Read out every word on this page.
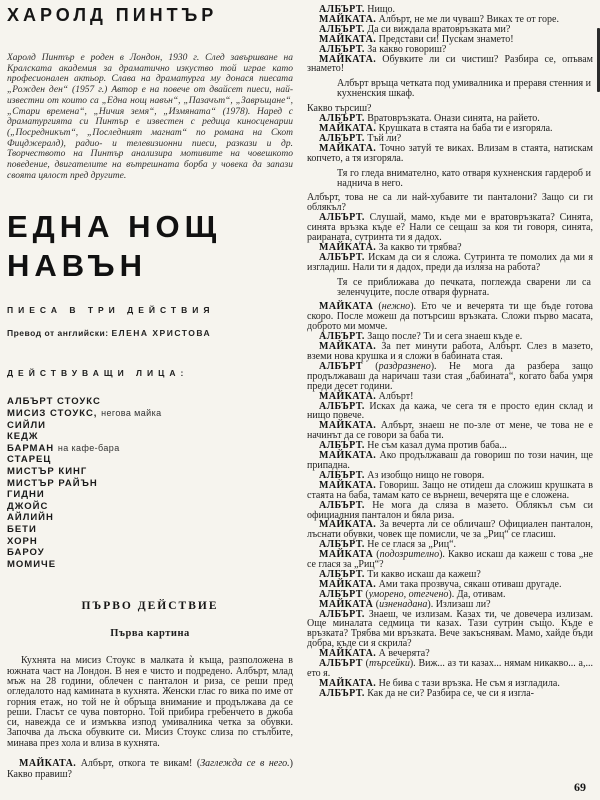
ХАРОЛД ПИНТЪР

Харолд Пинтър е роден в Лондон, 1930 г. След завършване на Кралската академия за драматично изкуство той играе като професионален актьор. Слава на драматурга му донася пиесата „Рожден ден“ (1957 г.) Автор е на повече от двайсет пиеси, най-известни от които са „Една нощ навън“, „Пазачът“, „Завръщане“, „Стари времена“, „Ничия земя“, „Измяната“ (1978). Наред с драматургията си Пинтър е известен с редица киносценарии („Посредникът“, „Последният магнат“ по романа на Скот Фицджералд), радио- и телевизионни пиеси, разкази и др. Творчеството на Пинтър анализира мотивите на човешкото поведение, двигателите на вътрешната борба у човека да запази своята цялост пред другите.

ЕДНА НОЩ
НАВЪН
ПИЕСА В ТРИ ДЕЙСТВИЯ
Превод от английски: ЕЛЕНА ХРИСТОВА
ДЕЙСТВУВАЩИ ЛИЦА:
АЛБЪРТ СТОУКС
МИСИЗ СТОУКС, негова майка
СИЙЛИ
КЕДЖ
БАРМАН на кафе-бара
СТАРЕЦ
МИСТЪР КИНГ
МИСТЪР РАЙЪН
ГИДНИ
ДЖОЙС
АЙЛИЙН
БЕТИ
ХОРН
БАРОУ
МОМИЧЕ
ПЪРВО ДЕЙСТВИЕ
Първа картина

Кухнята на мисиз Стоукс в малката ѝ къща, разположена в южната част на Лондон. В нея е чисто и подредено. Албърт, млад мъж на 28 години, облечен с панталон и риза, се реши пред огледалото над камината в кухнята. Женски глас го вика по име от горния етаж, но той не ѝ обръща внимание и продължава да се реши. Гласът се чува повторно. Той прибира гребенчето в джоба си, навежда се и измъква изпод умивалника четка за обувки. Започва да лъска обувките си. Мисиз Стоукс слиза по стълбите, минава през хола и влиза в кухнята.

МАЙКАТА. Албърт, откога те викам! (Заглежда се в него.) Какво правиш?

АЛБЪРТ. Нищо.

МАЙКАТА. Албърт, не ме ли чуваш? Виках те от горе.

АЛБЪРТ. Да си виждала вратовръзката ми?

МАЙКАТА. Представи си! Пускам знамето!

АЛБЪРТ. За какво говориш?

МАЙКАТА. Обувките ли си чистиш? Разбира се, опъвам знамето!

Албърт връща четката под умивалника и преравя стенния и кухненския шкаф.

Какво търсиш?

АЛБЪРТ. Вратовръзката. Онази синята, на райето.

МАЙКАТА. Крушката в стаята на баба ти е изгоряла.

АЛБЪРТ. Тъй ли?

МАЙКАТА. Точно затуй те виках. Влизам в стаята, натискам копчето, а тя изгоряла.

Тя го гледа внимателно, като отваря кухненския гардероб и наднича в него.

Албърт, това не са ли най-хубавите ти панталони? Защо си ги облякъл?

АЛБЪРТ. Слушай, мамо, къде ми е вратовръзката? Синята, синята връзка къде е? Нали се сещаш за коя ти говоря, синята, раираната, сутринта ти я дадох.

МАЙКАТА. За какво ти трябва?

АЛБЪРТ. Искам да си я сложа. Сутринта те помолих да ми я изгладиш. Нали ти я дадох, преди да изляза на работа?

Тя се приближава до печката, поглежда сварени ли са зеленчуците, после отваря фурната.

МАЙКАТА (нежно). Ето че и вечерята ти ще бъде готова скоро. После можеш да потърсиш връзката. Сложи първо масата, доброто ми момче.

АЛБЪРТ. Защо после? Ти и сега знаеш къде е.

МАЙКАТА. За пет минути работа, Албърт. Слез в мазето, вземи нова крушка и я сложи в бабината стая.

АЛБЪРТ (раздразнено). Не мога да разбера защо продължаваш да наричаш тази стая „бабината“, когато баба умря преди десет години.

МАЙКАТА. Албърт!

АЛБЪРТ. Исках да кажа, че сега тя е просто един склад и нищо повече.

МАЙКАТА. Албърт, знаеш не по-зле от мене, че това не е начинът да се говори за баба ти.

АЛБЪРТ. Не съм казал дума против баба...

МАЙКАТА. Ако продължаваш да говориш по този начин, ще припадна.

АЛБЪРТ. Аз изобщо нищо не говоря.

МАЙКАТА. Говориш. Защо не отидеш да сложиш крушката в стаята на баба, тамам като се върнеш, вечерята ще е сложена.

АЛБЪРТ. Не мога да сляза в мазето. Облякъл съм си официалния панталон и бяла риза.

МАЙКАТА. За вечерта ли се обличаш? Официален панталон, лъснати обувки, човек ще помисли, че за „Риц“ се гласиш.

АЛБЪРТ. Не се глася за „Риц“.

МАЙКАТА (подозрително). Какво искаш да кажеш с това „не се глася за „Риц“?

АЛБЪРТ. Ти какво искаш да кажеш?

МАЙКАТА. Ами така прозвуча, сякаш отиваш другаде.

АЛБЪРТ (уморено, отегчено). Да, отивам.

МАЙКАТА (изненадана). Излизаш ли?

АЛБЪРТ. Знаеш, че излизам. Казах ти, че довечера излизам. Още миналата седмица ти казах. Тази сутрин също. Къде е връзката? Трябва ми връзката. Вече закъснявам. Мамо, хайде бъди добра, къде си я скрила?

МАЙКАТА. А вечерята?

АЛБЪРТ (търсейки). Виж... аз ти казах... нямам никакво... а,... ето я.

МАЙКАТА. Не бива с тази връзка. Не съм я изгладила.

АЛБЪРТ. Как да не си? Разбира се, че си я изгла-

69
